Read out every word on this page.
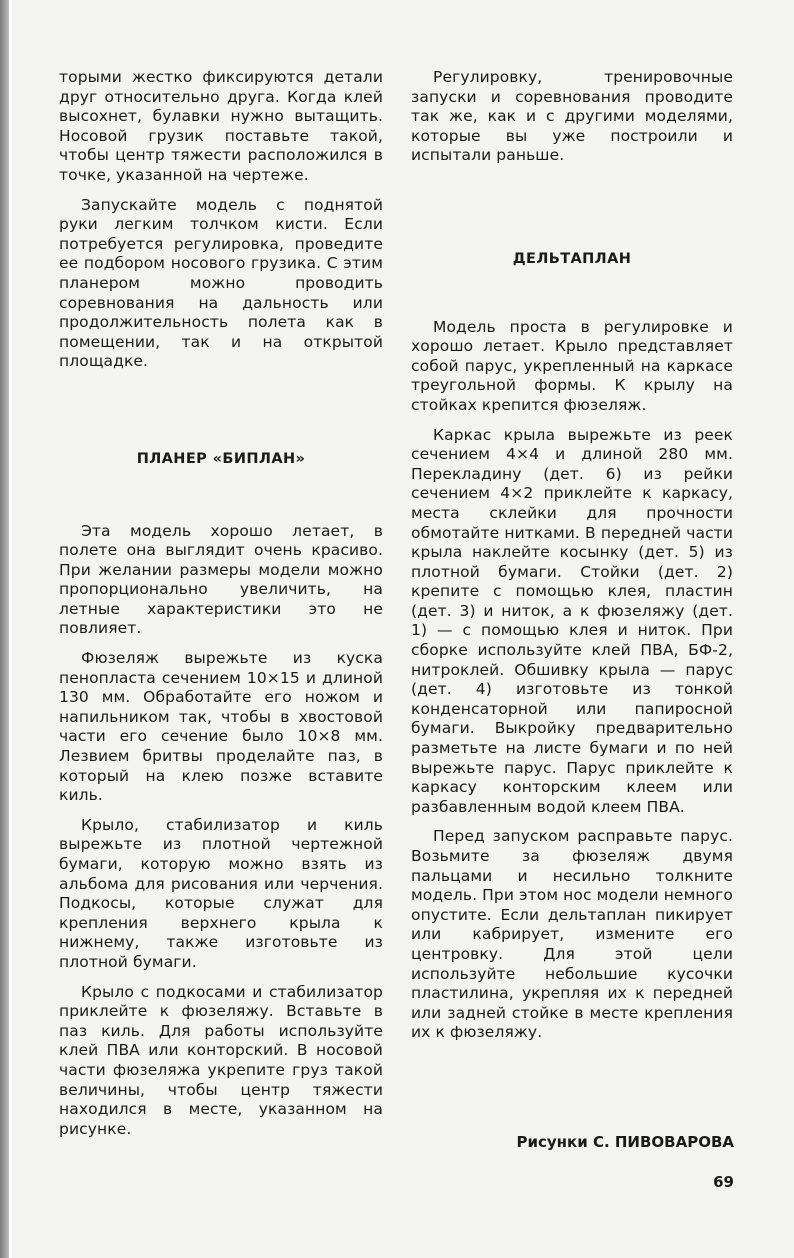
торыми жестко фиксируются детали друг относительно друга. Когда клей высохнет, булавки нужно вытащить. Носовой грузик поставьте такой, чтобы центр тяжести расположился в точке, указанной на чертеже.

Запускайте модель с поднятой руки легким толчком кисти. Если потребуется регулировка, проведите ее подбором носового грузика. С этим планером можно проводить соревнования на дальность или продолжительность полета как в помещении, так и на открытой площадке.

ПЛАНЕР «БИПЛАН»

Эта модель хорошо летает, в полете она выглядит очень красиво. При желании размеры модели можно пропорционально увеличить, на летные характеристики это не повлияет.

Фюзеляж вырежьте из куска пенопласта сечением 10×15 и длиной 130 мм. Обработайте его ножом и напильником так, чтобы в хвостовой части его сечение было 10×8 мм. Лезвием бритвы проделайте паз, в который на клею позже вставите киль.

Крыло, стабилизатор и киль вырежьте из плотной чертежной бумаги, которую можно взять из альбома для рисования или черчения. Подкосы, которые служат для крепления верхнего крыла к нижнему, также изготовьте из плотной бумаги.

Крыло с подкосами и стабилизатор приклейте к фюзеляжу. Вставьте в паз киль. Для работы используйте клей ПВА или конторский. В носовой части фюзеляжа укрепите груз такой величины, чтобы центр тяжести находился в месте, указанном на рисунке.

Регулировку, тренировочные запуски и соревнования проводите так же, как и с другими моделями, которые вы уже построили и испытали раньше.

ДЕЛЬТАПЛАН

Модель проста в регулировке и хорошо летает. Крыло представляет собой парус, укрепленный на каркасе треугольной формы. К крылу на стойках крепится фюзеляж.

Каркас крыла вырежьте из реек сечением 4×4 и длиной 280 мм. Перекладину (дет. 6) из рейки сечением 4×2 приклейте к каркасу, места склейки для прочности обмотайте нитками. В передней части крыла наклейте косынку (дет. 5) из плотной бумаги. Стойки (дет. 2) крепите с помощью клея, пластин (дет. 3) и ниток, а к фюзеляжу (дет. 1) — с помощью клея и ниток. При сборке используйте клей ПВА, БФ-2, нитроклей. Обшивку крыла — парус (дет. 4) изготовьте из тонкой конденсаторной или папиросной бумаги. Выкройку предварительно разметьте на листе бумаги и по ней вырежьте парус. Парус приклейте к каркасу конторским клеем или разбавленным водой клеем ПВА.

Перед запуском расправьте парус. Возьмите за фюзеляж двумя пальцами и несильно толкните модель. При этом нос модели немного опустите. Если дельтаплан пикирует или кабрирует, измените его центровку. Для этой цели используйте небольшие кусочки пластилина, укрепляя их к передней или задней стойке в месте крепления их к фюзеляжу.

Рисунки С. ПИВОВАРОВА
69
